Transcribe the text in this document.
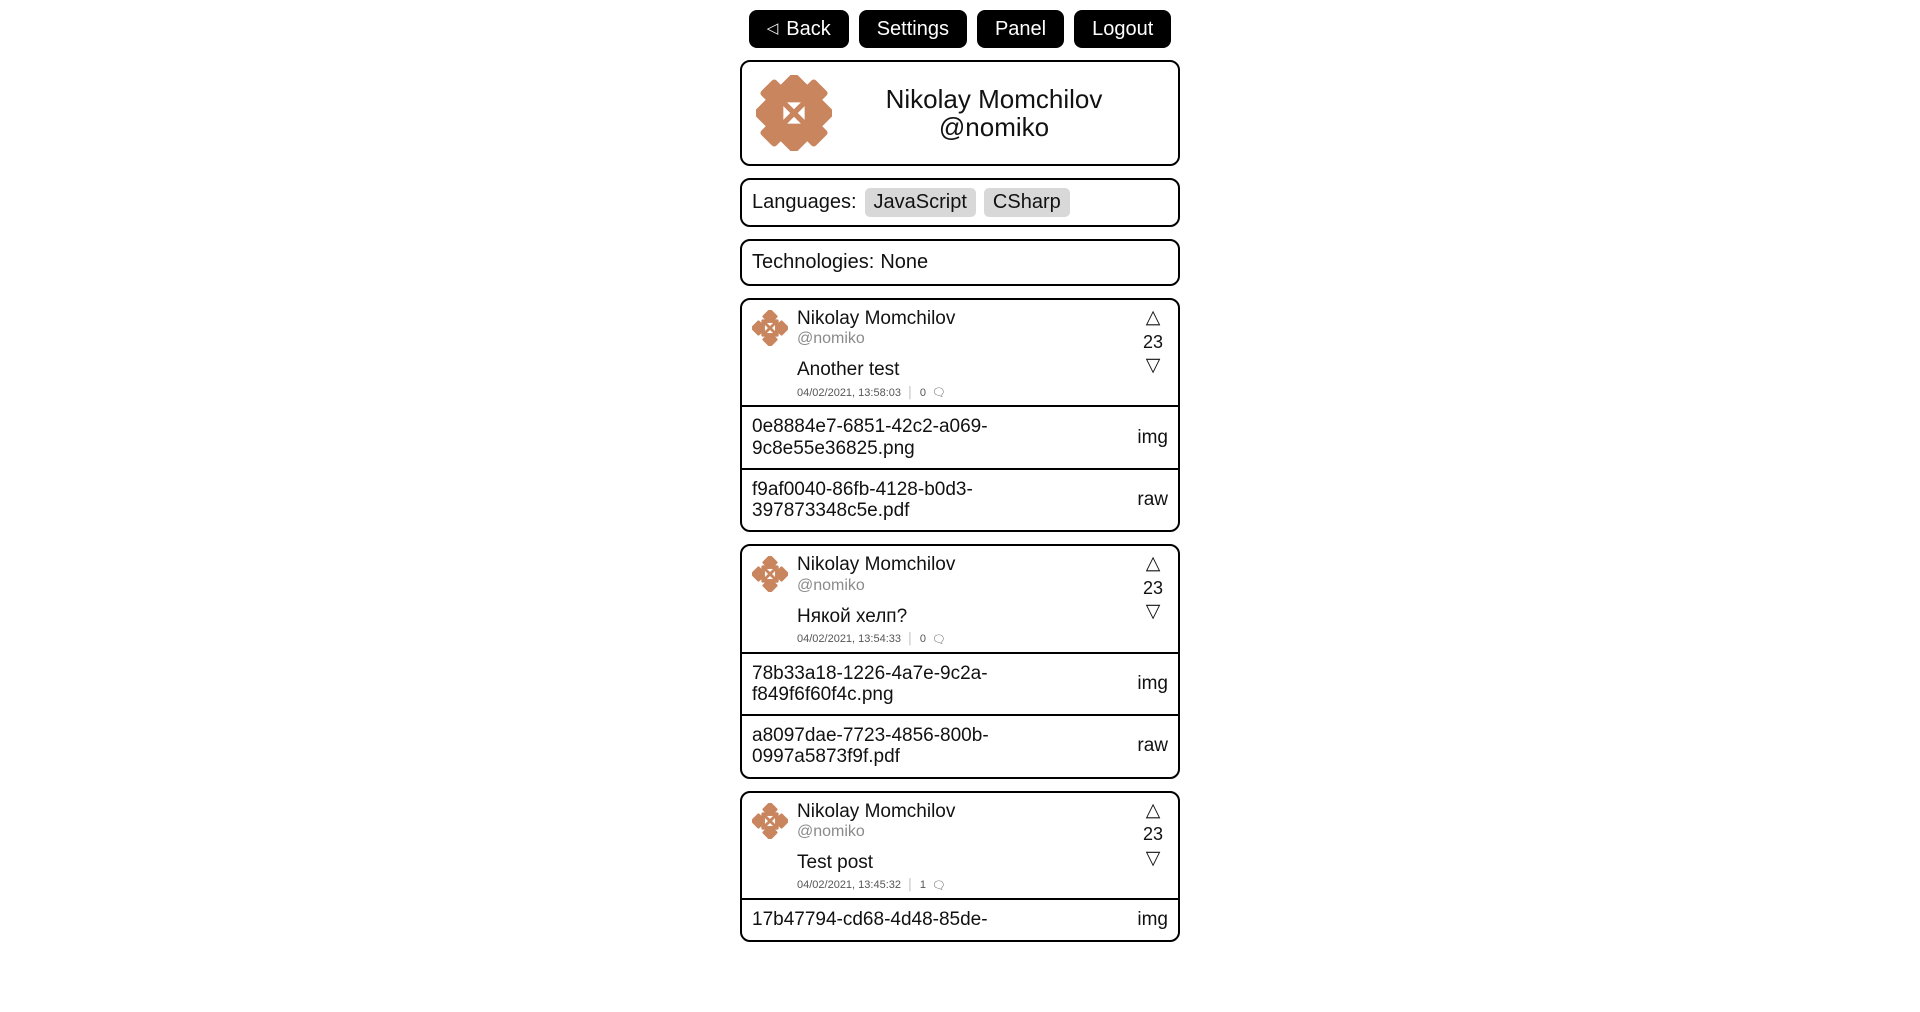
◁ Back Settings Panel Logout
Nikolay Momchilov
@nomiko
Languages: JavaScript	CSharp
Technologies: None
Nikolay Momchilov
@nomiko
Another test
04/02/2021, 13:58:03 │ 0 🗨
△
23
▽
0e8884e7-6851-42c2-a069-9c8e55e36825.png
img
f9af0040-86fb-4128-b0d3-397873348c5e.pdf
raw
Nikolay Momchilov
@nomiko
Някой хелп?
04/02/2021, 13:54:33 │ 0 🗨
△
23
▽
78b33a18-1226-4a7e-9c2a-f849f6f60f4c.png
img
a8097dae-7723-4856-800b-0997a5873f9f.pdf
raw
Nikolay Momchilov
@nomiko
Test post
04/02/2021, 13:45:32 │ 1 🗨
△
23
▽
17b47794-cd68-4d48-85de-	img
